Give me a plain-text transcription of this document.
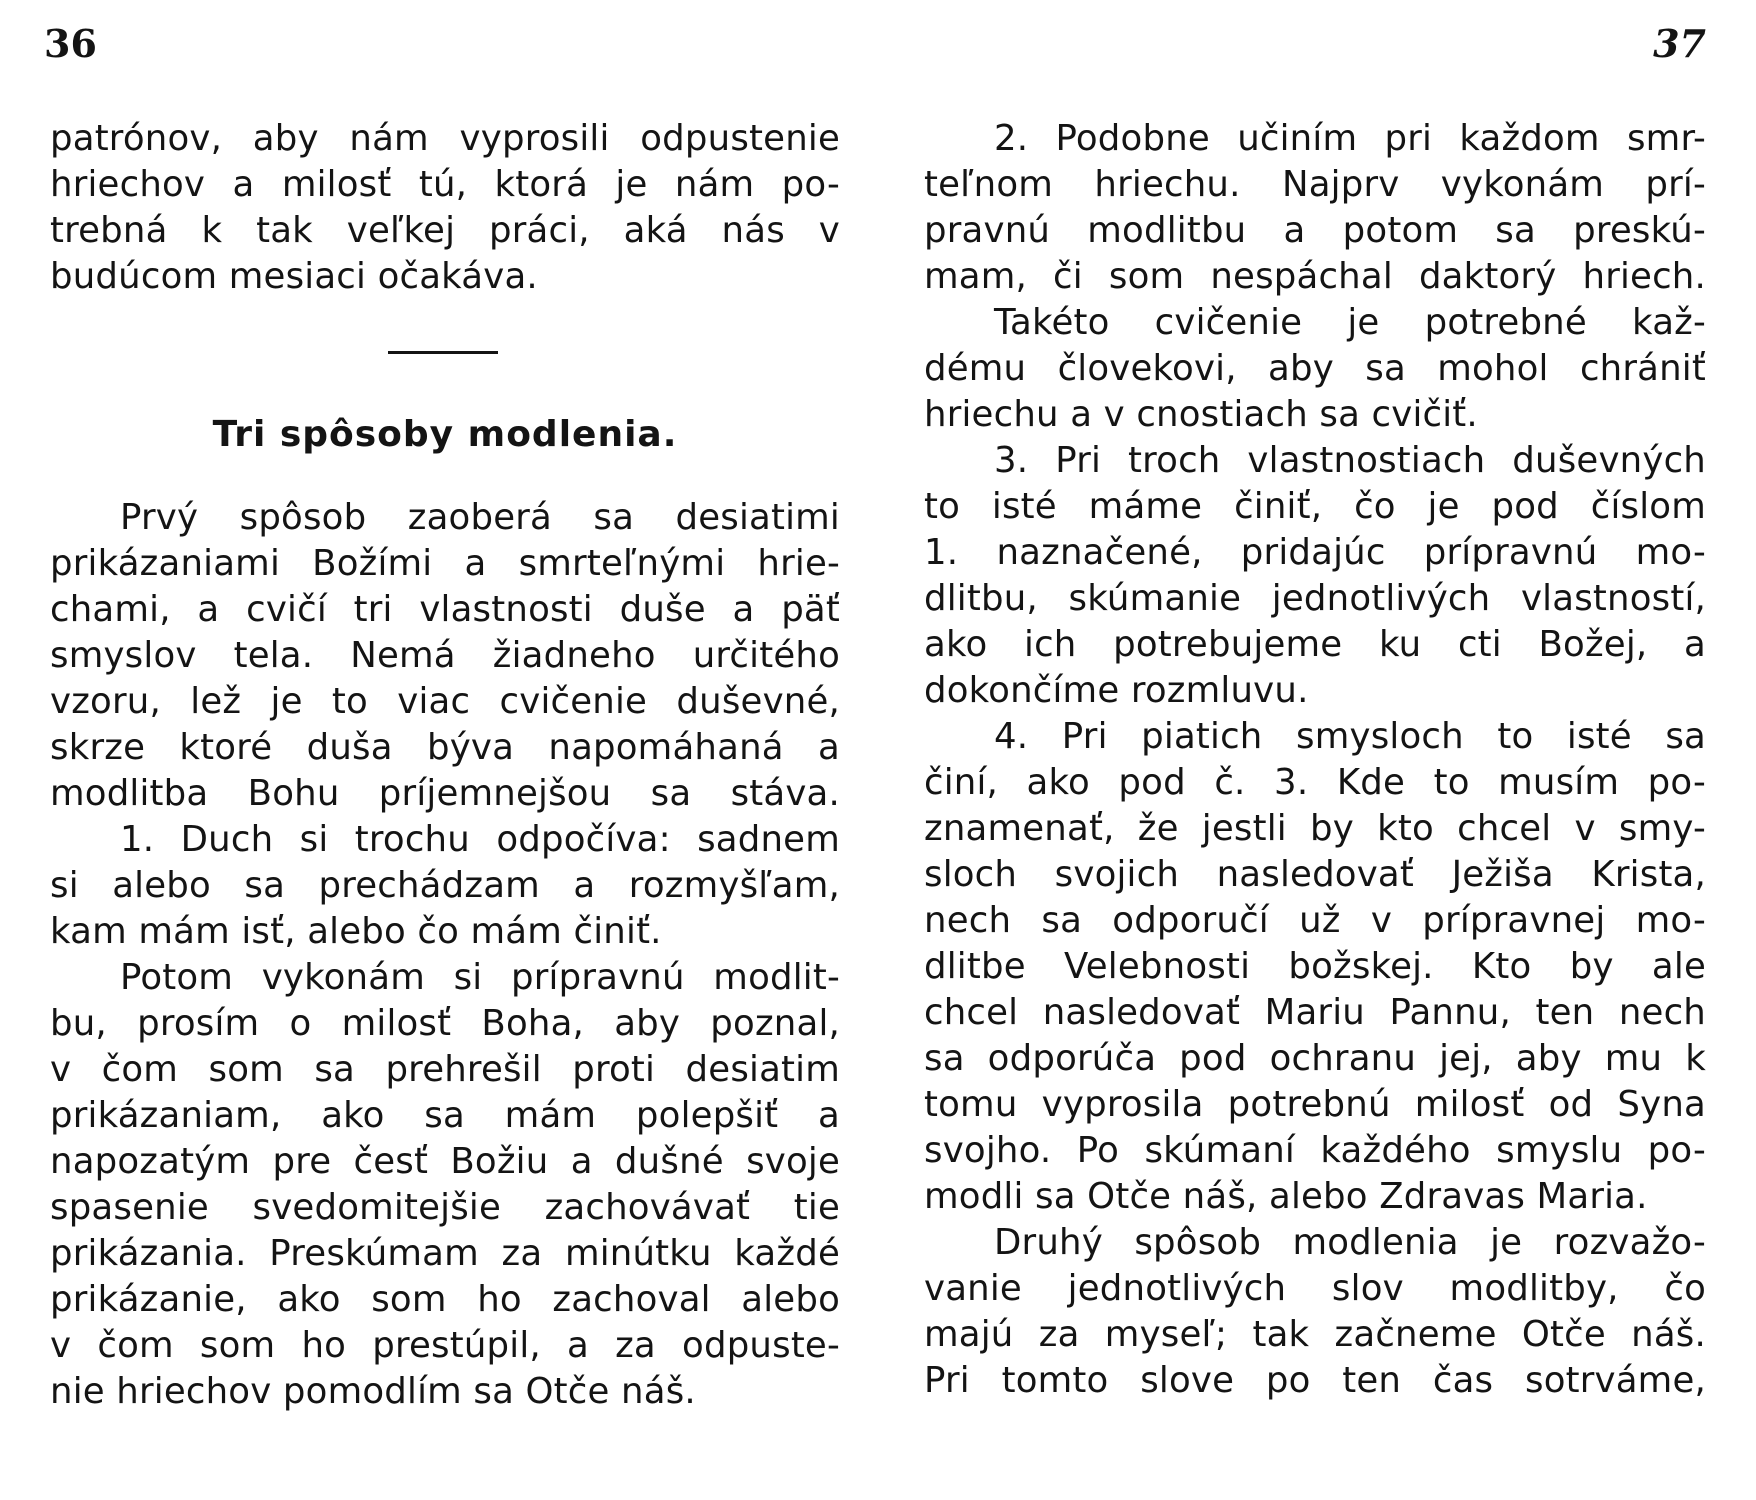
36
patrónov, aby nám vyprosili odpustenie
hriechov a milosť tú, ktorá je nám po-
trebná k tak veľkej práci, aká nás v
budúcom mesiaci očakáva.
Tri spôsoby modlenia.
Prvý spôsob zaoberá sa desiatimi
prikázaniami Božími a smrteľnými hrie-
chami, a cvičí tri vlastnosti duše a päť
smyslov tela. Nemá žiadneho určitého
vzoru, lež je to viac cvičenie duševné,
skrze ktoré duša býva napomáhaná a
modlitba Bohu príjemnejšou sa stáva.
1. Duch si trochu odpočíva: sadnem
si alebo sa prechádzam a rozmyšľam,
kam mám isť, alebo čo mám činiť.
Potom vykonám si prípravnú modlit-
bu, prosím o milosť Boha, aby poznal,
v čom som sa prehrešil proti desiatim
prikázaniam, ako sa mám polepšiť a
napozatým pre česť Božiu a dušné svoje
spasenie svedomitejšie zachovávať tie
prikázania. Preskúmam za minútku každé
prikázanie, ako som ho zachoval alebo
v čom som ho prestúpil, a za odpuste-
nie hriechov pomodlím sa Otče náš.
37
2. Podobne učiním pri každom smr-
teľnom hriechu. Najprv vykonám prí-
pravnú modlitbu a potom sa preskú-
mam, či som nespáchal daktorý hriech.
Takéto cvičenie je potrebné kaž-
dému človekovi, aby sa mohol chrániť
hriechu a v cnostiach sa cvičiť.
3. Pri troch vlastnostiach duševných
to isté máme činiť, čo je pod číslom
1. naznačené, pridajúc prípravnú mo-
dlitbu, skúmanie jednotlivých vlastností,
ako ich potrebujeme ku cti Božej, a
dokončíme rozmluvu.
4. Pri piatich smysloch to isté sa
činí, ako pod č. 3. Kde to musím po-
znamenať, že jestli by kto chcel v smy-
sloch svojich nasledovať Ježiša Krista,
nech sa odporučí už v prípravnej mo-
dlitbe Velebnosti božskej. Kto by ale
chcel nasledovať Mariu Pannu, ten nech
sa odporúča pod ochranu jej, aby mu k
tomu vyprosila potrebnú milosť od Syna
svojho. Po skúmaní každého smyslu po-
modli sa Otče náš, alebo Zdravas Maria.
Druhý spôsob modlenia je rozvažo-
vanie jednotlivých slov modlitby, čo
majú za myseľ; tak začneme Otče náš.
Pri tomto slove po ten čas sotrváme,
